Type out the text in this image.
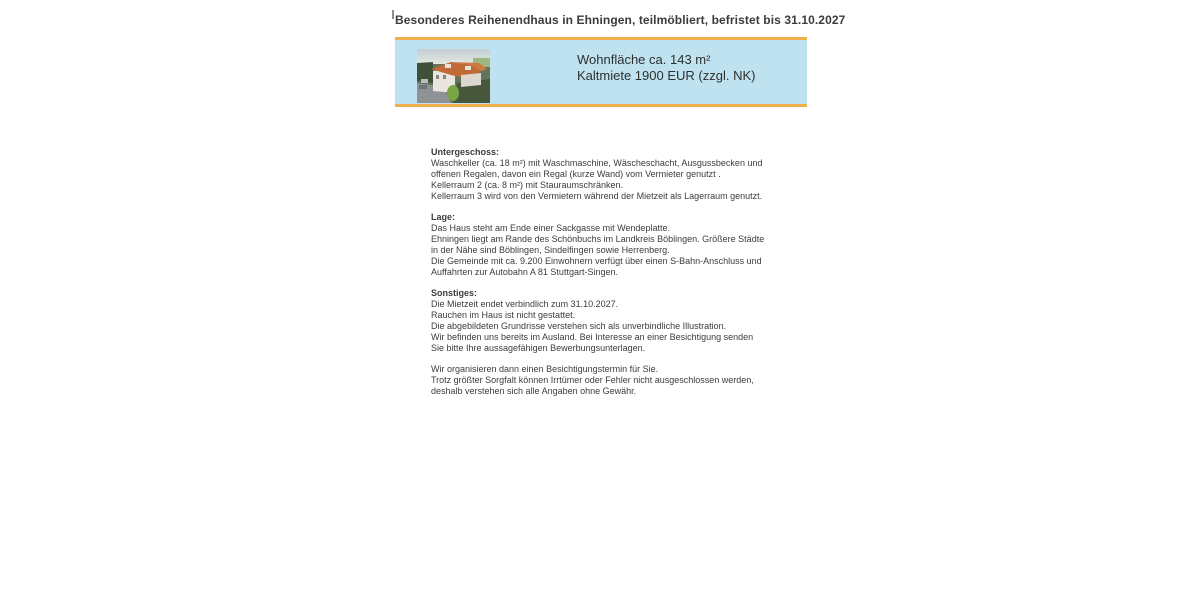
Besonderes Reihenendhaus in Ehningen, teilmöbliert, befristet bis 31.10.2027
Wohnfläche ca. 143 m²
Kaltmiete 1900 EUR (zzgl. NK)
Untergeschoss:
Waschkeller (ca. 18 m²) mit Waschmaschine, Wäscheschacht, Ausgussbecken und
offenen Regalen, davon ein Regal (kurze Wand) vom Vermieter genutzt .
Kellerraum 2 (ca. 8 m²) mit Stauraumschränken.
Kellerraum 3 wird von den Vermietern während der Mietzeit als Lagerraum genutzt.
Lage:
Das Haus steht am Ende einer Sackgasse mit Wendeplatte.
Ehningen liegt am Rande des Schönbuchs im Landkreis Böblingen. Größere Städte
in der Nähe sind Böblingen, Sindelfingen sowie Herrenberg.
Die Gemeinde mit ca. 9.200 Einwohnern verfügt über einen S-Bahn-Anschluss und
Auffahrten zur Autobahn A 81 Stuttgart-Singen.
Sonstiges:
Die Mietzeit endet verbindlich zum 31.10.2027.
Rauchen im Haus ist nicht gestattet.
Die abgebildeten Grundrisse verstehen sich als unverbindliche Illustration.
Wir befinden uns bereits im Ausland. Bei Interesse an einer Besichtigung senden
Sie bitte Ihre aussagefähigen Bewerbungsunterlagen.
Wir organisieren dann einen Besichtigungstermin für Sie.
Trotz größter Sorgfalt können Irrtümer oder Fehler nicht ausgeschlossen werden,
deshalb verstehen sich alle Angaben ohne Gewähr.
